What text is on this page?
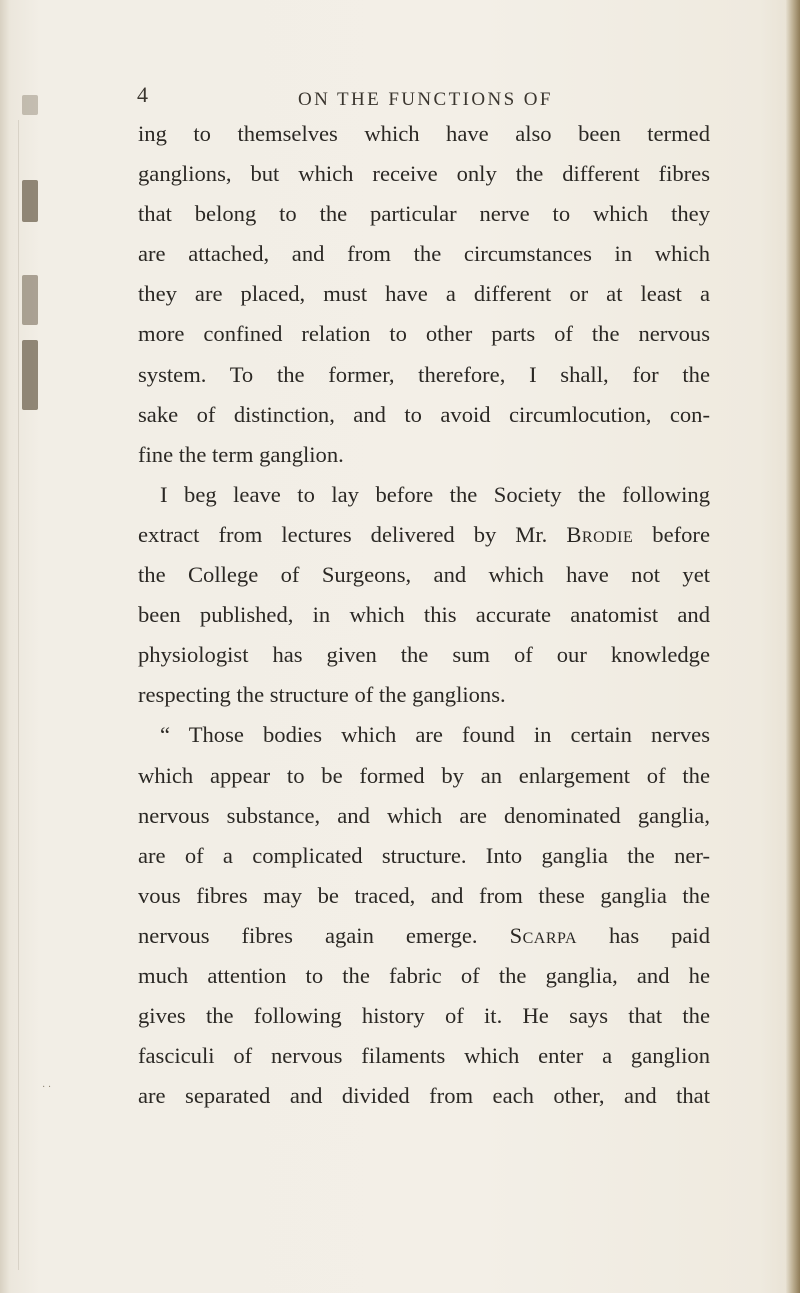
· ·
4	ON THE FUNCTIONS OF
ing to themselves which have also been termed
ganglions, but which receive only the different fibres
that belong to the particular nerve to which they
are attached, and from the circumstances in which
they are placed, must have a different or at least a
more confined relation to other parts of the nervous
system. To the former, therefore, I shall, for the
sake of distinction, and to avoid circumlocution, con-
fine the term ganglion.
I beg leave to lay before the Society the following
extract from lectures delivered by Mr. Brodie before
the College of Surgeons, and which have not yet
been published, in which this accurate anatomist and
physiologist has given the sum of our knowledge
respecting the structure of the ganglions.
“ Those bodies which are found in certain nerves
which appear to be formed by an enlargement of the
nervous substance, and which are denominated ganglia,
are of a complicated structure. Into ganglia the ner-
vous fibres may be traced, and from these ganglia the
nervous fibres again emerge. Scarpa has paid
much attention to the fabric of the ganglia, and he
gives the following history of it. He says that the
fasciculi of nervous filaments which enter a ganglion
are separated and divided from each other, and that
